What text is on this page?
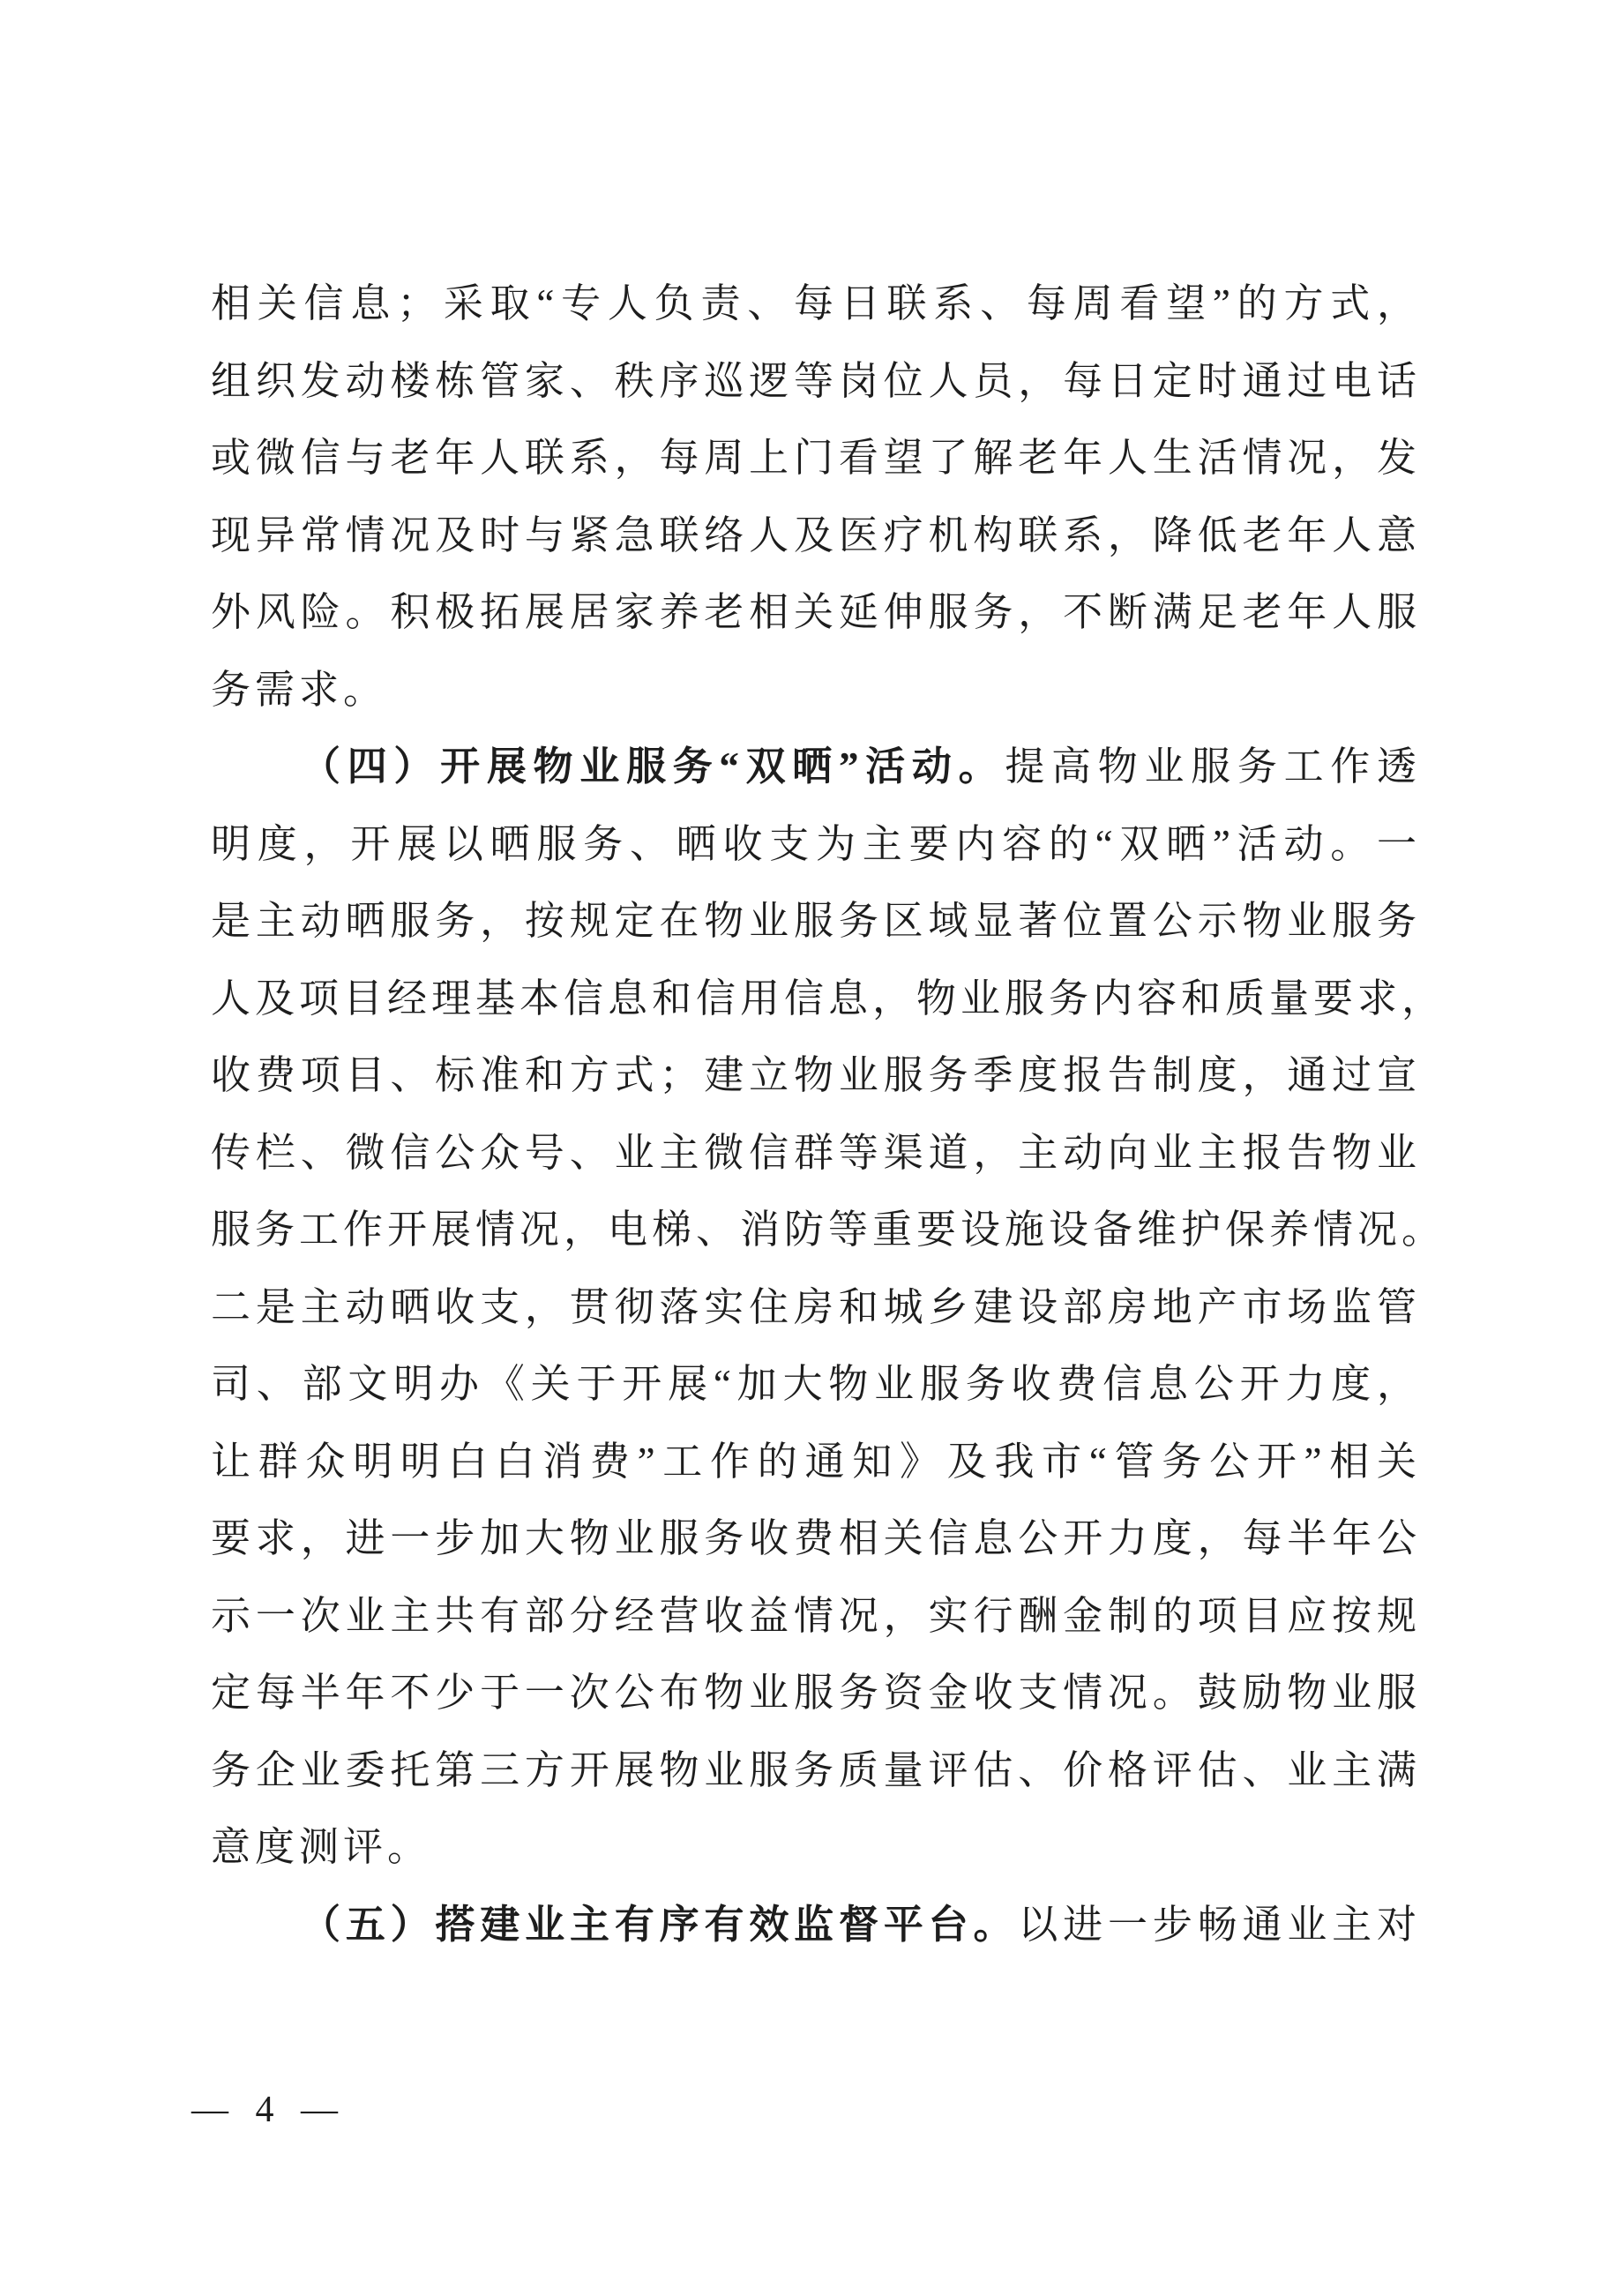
相关信息；采取“专人负责、每日联系、每周看望”的方式，
组织发动楼栋管家、秩序巡逻等岗位人员，每日定时通过电话
或微信与老年人联系，每周上门看望了解老年人生活情况，发
现异常情况及时与紧急联络人及医疗机构联系，降低老年人意
外风险。积极拓展居家养老相关延伸服务，不断满足老年人服
务需求。
（四）开展物业服务“双晒”活动。提高物业服务工作透
明度，开展以晒服务、晒收支为主要内容的“双晒”活动。一
是主动晒服务，按规定在物业服务区域显著位置公示物业服务
人及项目经理基本信息和信用信息，物业服务内容和质量要求，
收费项目、标准和方式；建立物业服务季度报告制度，通过宣
传栏、微信公众号、业主微信群等渠道，主动向业主报告物业
服务工作开展情况，电梯、消防等重要设施设备维护保养情况。
二是主动晒收支，贯彻落实住房和城乡建设部房地产市场监管
司、部文明办《关于开展“加大物业服务收费信息公开力度，
让群众明明白白消费”工作的通知》及我市“管务公开”相关
要求，进一步加大物业服务收费相关信息公开力度，每半年公
示一次业主共有部分经营收益情况，实行酬金制的项目应按规
定每半年不少于一次公布物业服务资金收支情况。鼓励物业服
务企业委托第三方开展物业服务质量评估、价格评估、业主满
意度测评。
（五）搭建业主有序有效监督平台。以进一步畅通业主对
— 4 —
